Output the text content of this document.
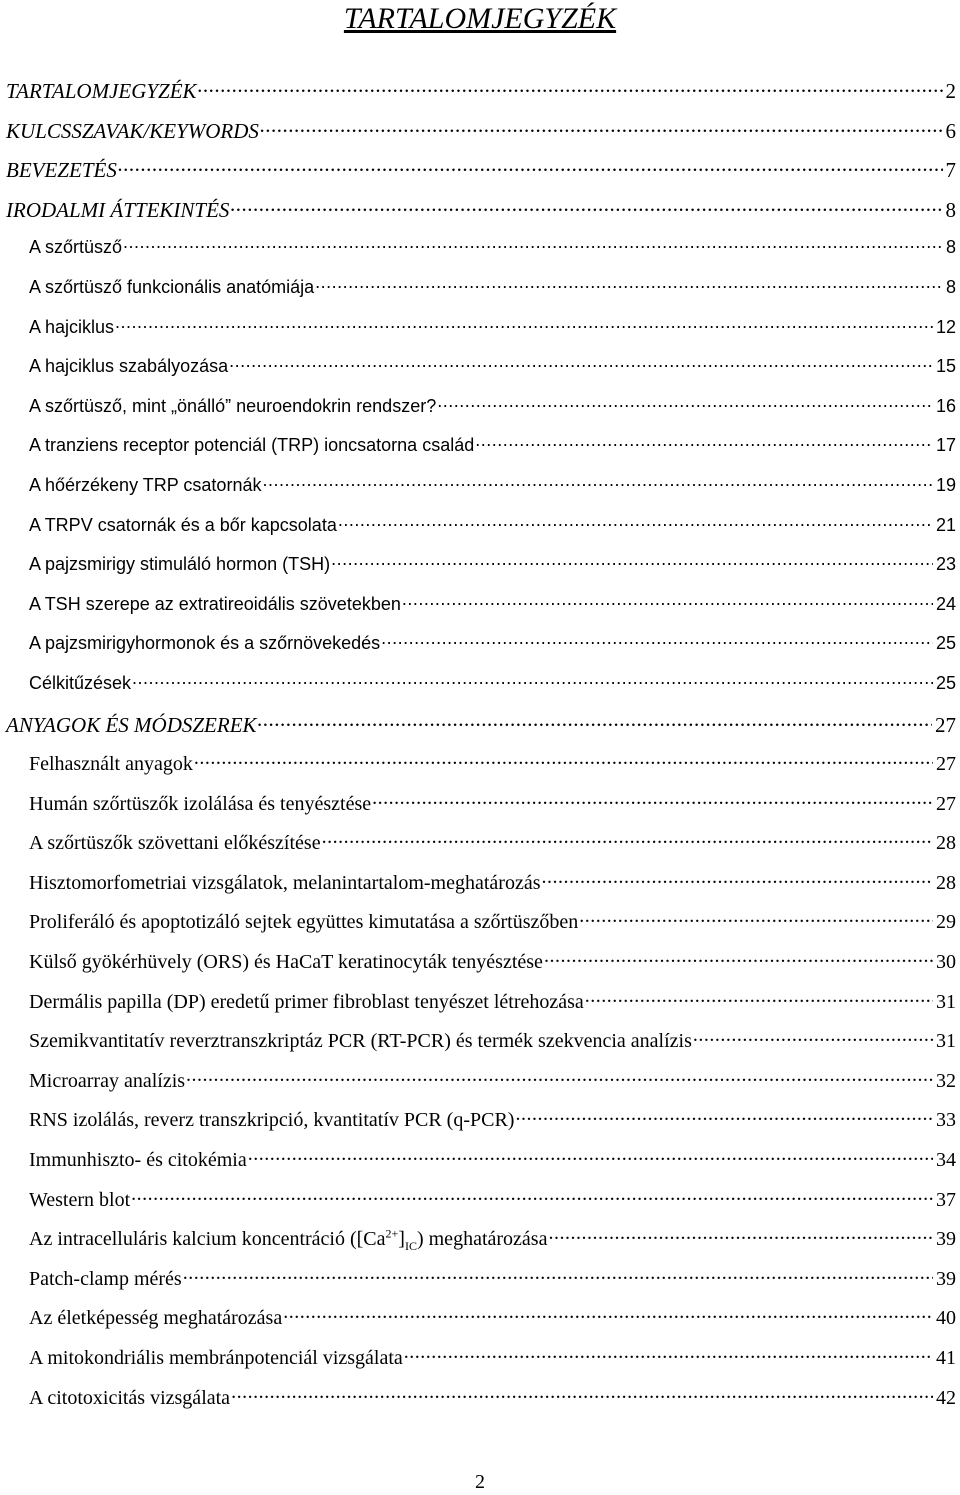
TARTALOMJEGYZÉK
TARTALOMJEGYZÉK .....	2
KULCSSZAVAK/KEYWORDS .....	6
BEVEZETÉS .....	7
IRODALMI ÁTTEKINTÉS .....	8
A szőrtüsző .....	8
A szőrtüsző funkcionális anatómiája .....	8
A hajciklus .....	12
A hajciklus szabályozása .....	15
A szőrtüsző, mint „önálló” neuroendokrin rendszer? .....	16
A tranziens receptor potenciál (TRP) ioncsatorna család .....	17
A hőérzékeny TRP csatornák .....	19
A TRPV csatornák és a bőr kapcsolata .....	21
A pajzsmirigy stimuláló hormon (TSH) .....	23
A TSH szerepe az extratireoidális szövetekben .....	24
A pajzsmirigyhormonok és a szőrnövekedés .....	25
Célkitűzések .....	25
ANYAGOK ÉS MÓDSZEREK .....	27
Felhasznált anyagok .....	27
Humán szőrtüszők izolálása és tenyésztése .....	27
A szőrtüszők szövettani előkészítése .....	28
Hisztomorfometriai vizsgálatok, melanintartalom-meghatározás .....	28
Proliferáló és apoptotizáló sejtek együttes kimutatása a szőrtüszőben .....	29
Külső gyökérhüvely (ORS) és HaCaT keratinocyták tenyésztése .....	30
Dermális papilla (DP) eredetű primer fibroblast tenyészet létrehozása .....	31
Szemikvantitatív reverztranszkriptáz PCR (RT-PCR) és termék szekvencia analízis .....	31
Microarray analízis .....	32
RNS izolálás, reverz transzkripció, kvantitatív PCR (q-PCR) .....	33
Immunhiszto- és citokémia .....	34
Western blot .....	37
Az intracelluláris kalcium koncentráció $([Ca^{2+}]_{IC})$ meghatározása .....	39
Patch-clamp mérés .....	39
Az életképesség meghatározása .....	40
A mitokondriális membránpotenciál vizsgálata .....	41
A citotoxicitás vizsgálata .....	42
2
